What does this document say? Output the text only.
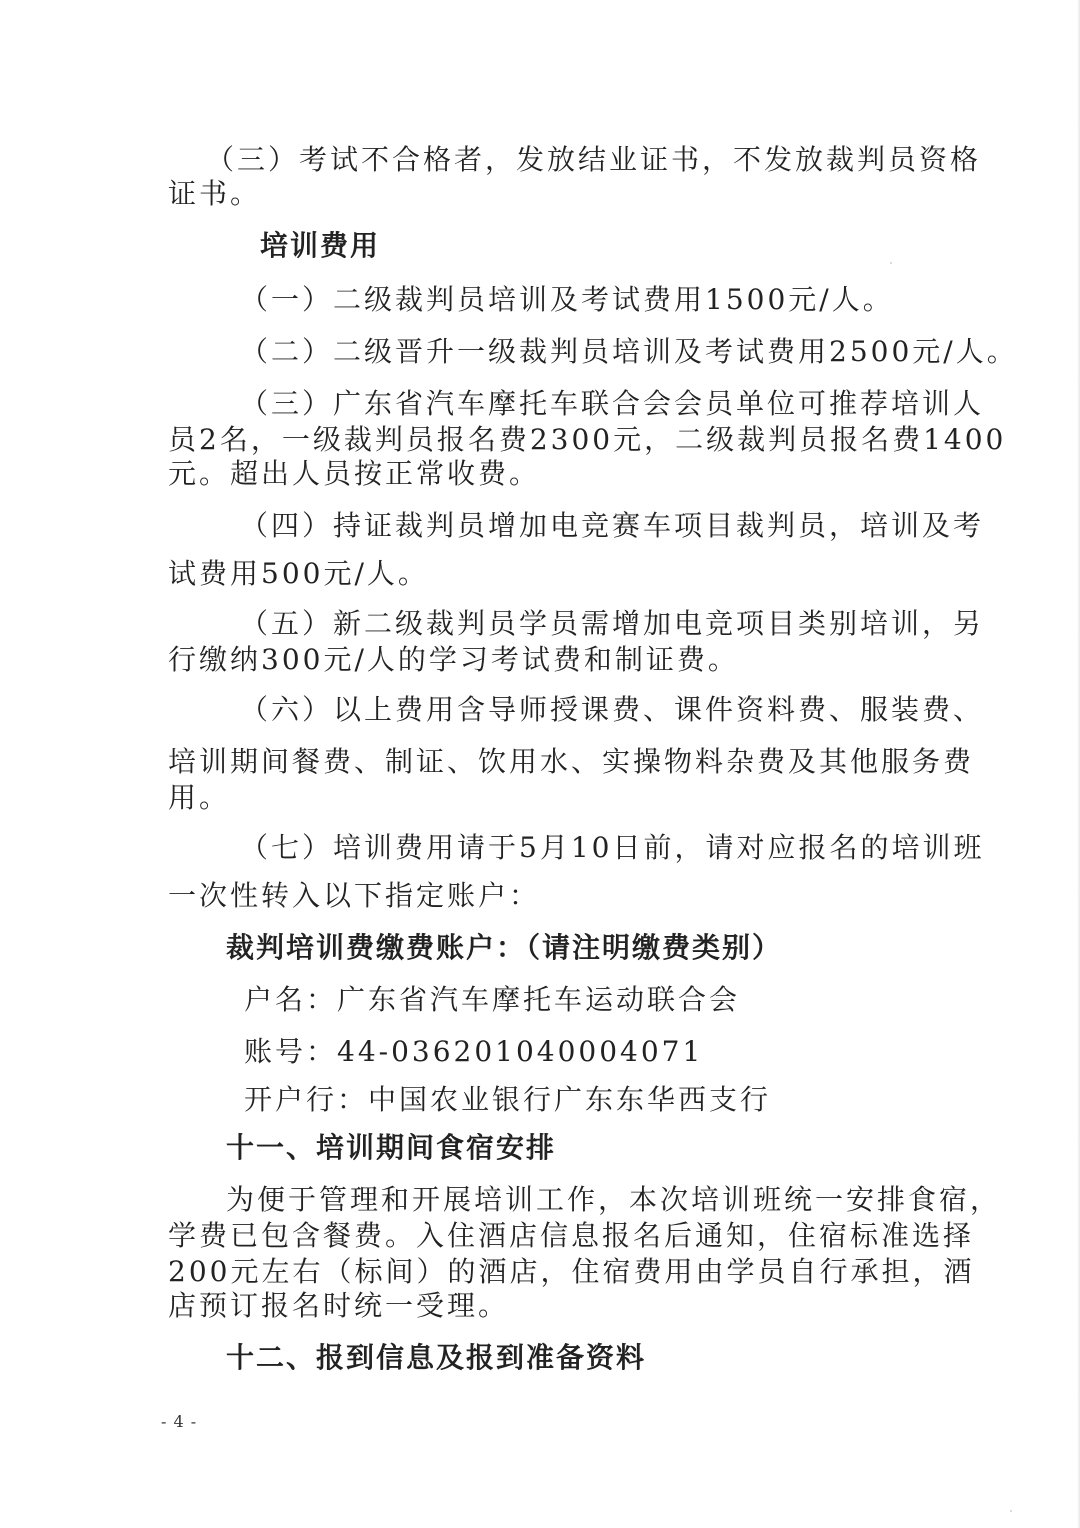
（三）考试不合格者，发放结业证书，不发放裁判员资格
证书。
培训费用
（一）二级裁判员培训及考试费用1500元/人。
（二）二级晋升一级裁判员培训及考试费用2500元/人。
（三）广东省汽车摩托车联合会会员单位可推荐培训人
员2名，一级裁判员报名费2300元，二级裁判员报名费1400
元。超出人员按正常收费。
（四）持证裁判员增加电竞赛车项目裁判员，培训及考
试费用500元/人。
（五）新二级裁判员学员需增加电竞项目类别培训，另
行缴纳300元/人的学习考试费和制证费。
（六）以上费用含导师授课费、课件资料费、服装费、
培训期间餐费、制证、饮用水、实操物料杂费及其他服务费
用。
（七）培训费用请于5月10日前，请对应报名的培训班
一次性转入以下指定账户：
裁判培训费缴费账户：（请注明缴费类别）
户名：广东省汽车摩托车运动联合会
账号：44-036201040004071
开户行：中国农业银行广东东华西支行
十一、培训期间食宿安排
为便于管理和开展培训工作，本次培训班统一安排食宿，
学费已包含餐费。入住酒店信息报名后通知，住宿标准选择
200元左右（标间）的酒店，住宿费用由学员自行承担，酒
店预订报名时统一受理。
十二、报到信息及报到准备资料
- 4 -
